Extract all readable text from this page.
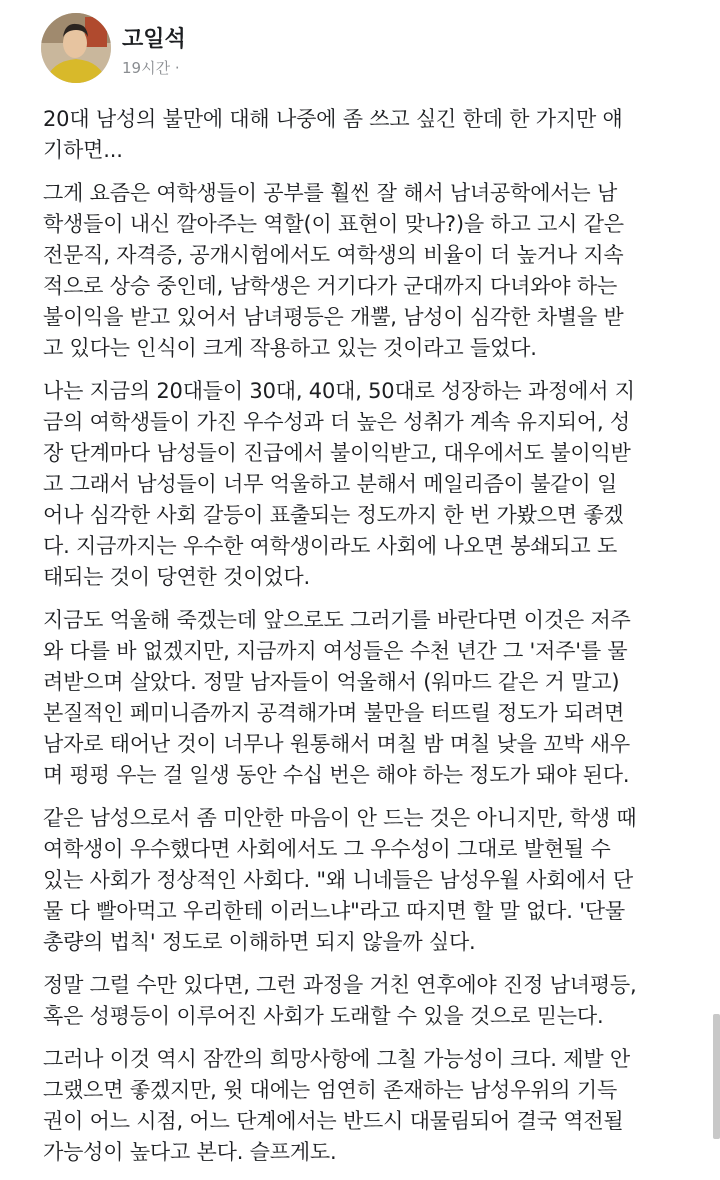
고일석
19시간 ·
20대 남성의 불만에 대해 나중에 좀 쓰고 싶긴 한데 한 가지만 얘
기하면...
그게 요즘은 여학생들이 공부를 훨씬 잘 해서 남녀공학에서는 남
학생들이 내신 깔아주는 역할(이 표현이 맞나?)을 하고 고시 같은
전문직, 자격증, 공개시험에서도 여학생의 비율이 더 높거나 지속
적으로 상승 중인데, 남학생은 거기다가 군대까지 다녀와야 하는
불이익을 받고 있어서 남녀평등은 개뿔, 남성이 심각한 차별을 받
고 있다는 인식이 크게 작용하고 있는 것이라고 들었다.
나는 지금의 20대들이 30대, 40대, 50대로 성장하는 과정에서 지
금의 여학생들이 가진 우수성과 더 높은 성취가 계속 유지되어, 성
장 단계마다 남성들이 진급에서 불이익받고, 대우에서도 불이익받
고 그래서 남성들이 너무 억울하고 분해서 메일리즘이 불같이 일
어나 심각한 사회 갈등이 표출되는 정도까지 한 번 가봤으면 좋겠
다. 지금까지는 우수한 여학생이라도 사회에 나오면 봉쇄되고 도
태되는 것이 당연한 것이었다.
지금도 억울해 죽겠는데 앞으로도 그러기를 바란다면 이것은 저주
와 다를 바 없겠지만, 지금까지 여성들은 수천 년간 그 '저주'를 물
려받으며 살았다. 정말 남자들이 억울해서 (워마드 같은 거 말고)
본질적인 페미니즘까지 공격해가며 불만을 터뜨릴 정도가 되려면
남자로 태어난 것이 너무나 원통해서 며칠 밤 며칠 낮을 꼬박 새우
며 펑펑 우는 걸 일생 동안 수십 번은 해야 하는 정도가 돼야 된다.
같은 남성으로서 좀 미안한 마음이 안 드는 것은 아니지만, 학생 때
여학생이 우수했다면 사회에서도 그 우수성이 그대로 발현될 수
있는 사회가 정상적인 사회다. "왜 니네들은 남성우월 사회에서 단
물 다 빨아먹고 우리한테 이러느냐"라고 따지면 할 말 없다. '단물
총량의 법칙' 정도로 이해하면 되지 않을까 싶다.
정말 그럴 수만 있다면, 그런 과정을 거친 연후에야 진정 남녀평등,
혹은 성평등이 이루어진 사회가 도래할 수 있을 것으로 믿는다.
그러나 이것 역시 잠깐의 희망사항에 그칠 가능성이 크다. 제발 안
그랬으면 좋겠지만, 윗 대에는 엄연히 존재하는 남성우위의 기득
권이 어느 시점, 어느 단계에서는 반드시 대물림되어 결국 역전될
가능성이 높다고 본다. 슬프게도.
